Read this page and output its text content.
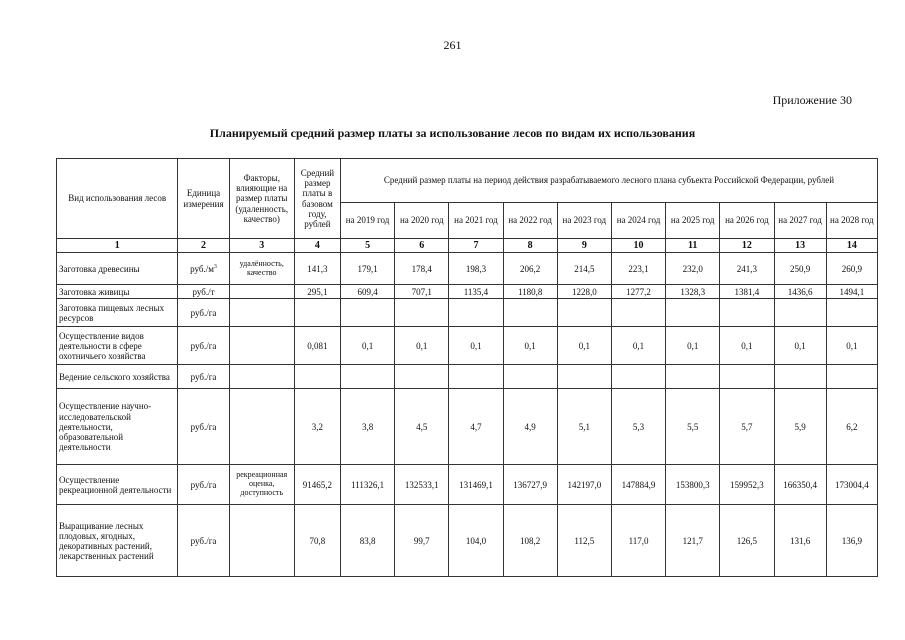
261
Приложение 30
Планируемый средний размер платы за использование лесов по видам их использования
Вид использования лесов	Единица измерения	Факторы, влияющие на размер платы (удаленность, качество)	Средний размер платы в базовом году, рублей	Средний размер платы на период действия разрабатываемого лесного плана субъекта Российской Федерации, рублей									
				на 2019 год	на 2020 год	на 2021 год	на 2022 год	на 2023 год	на 2024 год	на 2025 год	на 2026 год	на 2027 год	на 2028 год
1	2	3	4	5	6	7	8	9	10	11	12	13	14
Заготовка древесины	$руб./м^3$	удалённость, качество	141,3	179,1	178,4	198,3	206,2	214,5	223,1	232,0	241,3	250,9	260,9
Заготовка живицы	руб./т		295,1	609,4	707,1	1135,4	1180,8	1228,0	1277,2	1328,3	1381,4	1436,6	1494,1
Заготовка пищевых лесных ресурсов	руб./га												
Осуществление видов деятельности в сфере охотничьего хозяйства	руб./га		0,081	0,1	0,1	0,1	0,1	0,1	0,1	0,1	0,1	0,1	0,1
Ведение сельского хозяйства	руб./га												
Осуществление научно-исследовательской деятельности, образовательной деятельности	руб./га		3,2	3,8	4,5	4,7	4,9	5,1	5,3	5,5	5,7	5,9	6,2
Осуществление рекреационной деятельности	руб./га	рекреационная оценка, доступность	91465,2	111326,1	132533,1	131469,1	136727,9	142197,0	147884,9	153800,3	159952,3	166350,4	173004,4
Выращивание лесных плодовых, ягодных, декоративных растений, лекарственных растений	руб./га		70,8	83,8	99,7	104,0	108,2	112,5	117,0	121,7	126,5	131,6	136,9
